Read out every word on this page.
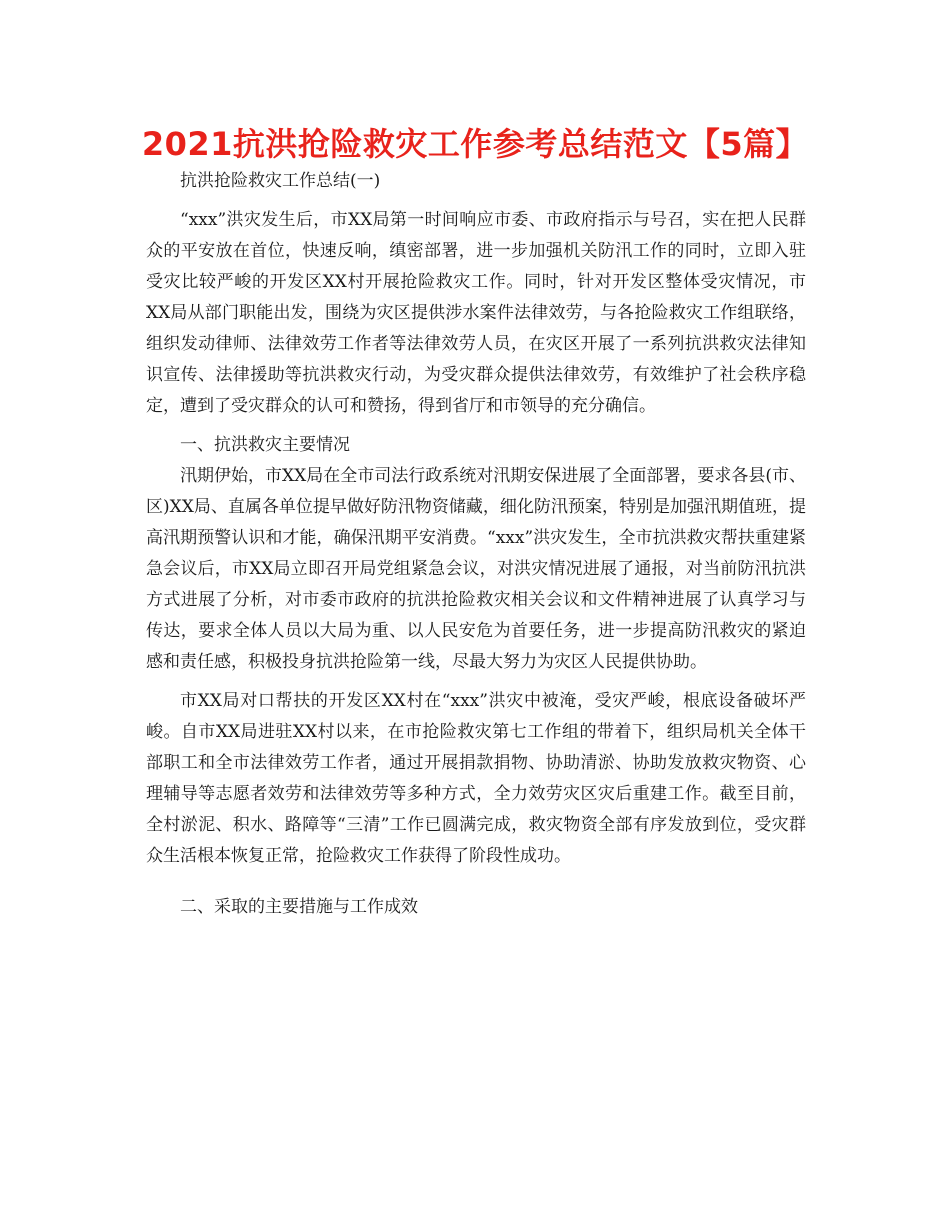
2021抗洪抢险救灾工作参考总结范文【5篇】

抗洪抢险救灾工作总结(一)

“xxx”洪灾发生后，市XX局第一时间响应市委、市政府指示与号召，实在把人民群众的平安放在首位，快速反响，缜密部署，进一步加强机关防汛工作的同时，立即入驻受灾比较严峻的开发区XX村开展抢险救灾工作。同时，针对开发区整体受灾情况，市XX局从部门职能出发，围绕为灾区提供涉水案件法律效劳，与各抢险救灾工作组联络，组织发动律师、法律效劳工作者等法律效劳人员，在灾区开展了一系列抗洪救灾法律知识宣传、法律援助等抗洪救灾行动，为受灾群众提供法律效劳，有效维护了社会秩序稳定，遭到了受灾群众的认可和赞扬，得到省厅和市领导的充分确信。

一、抗洪救灾主要情况

汛期伊始，市XX局在全市司法行政系统对汛期安保进展了全面部署，要求各县(市、区)XX局、直属各单位提早做好防汛物资储藏，细化防汛预案，特别是加强汛期值班，提高汛期预警认识和才能，确保汛期平安消费。“xxx”洪灾发生，全市抗洪救灾帮扶重建紧急会议后，市XX局立即召开局党组紧急会议，对洪灾情况进展了通报，对当前防汛抗洪方式进展了分析，对市委市政府的抗洪抢险救灾相关会议和文件精神进展了认真学习与传达，要求全体人员以大局为重、以人民安危为首要任务，进一步提高防汛救灾的紧迫感和责任感，积极投身抗洪抢险第一线，尽最大努力为灾区人民提供协助。

市XX局对口帮扶的开发区XX村在“xxx”洪灾中被淹，受灾严峻，根底设备破坏严峻。自市XX局进驻XX村以来，在市抢险救灾第七工作组的带着下，组织局机关全体干部职工和全市法律效劳工作者，通过开展捐款捐物、协助清淤、协助发放救灾物资、心理辅导等志愿者效劳和法律效劳等多种方式，全力效劳灾区灾后重建工作。截至目前，全村淤泥、积水、路障等“三清”工作已圆满完成，救灾物资全部有序发放到位，受灾群众生活根本恢复正常，抢险救灾工作获得了阶段性成功。

二、采取的主要措施与工作成效
